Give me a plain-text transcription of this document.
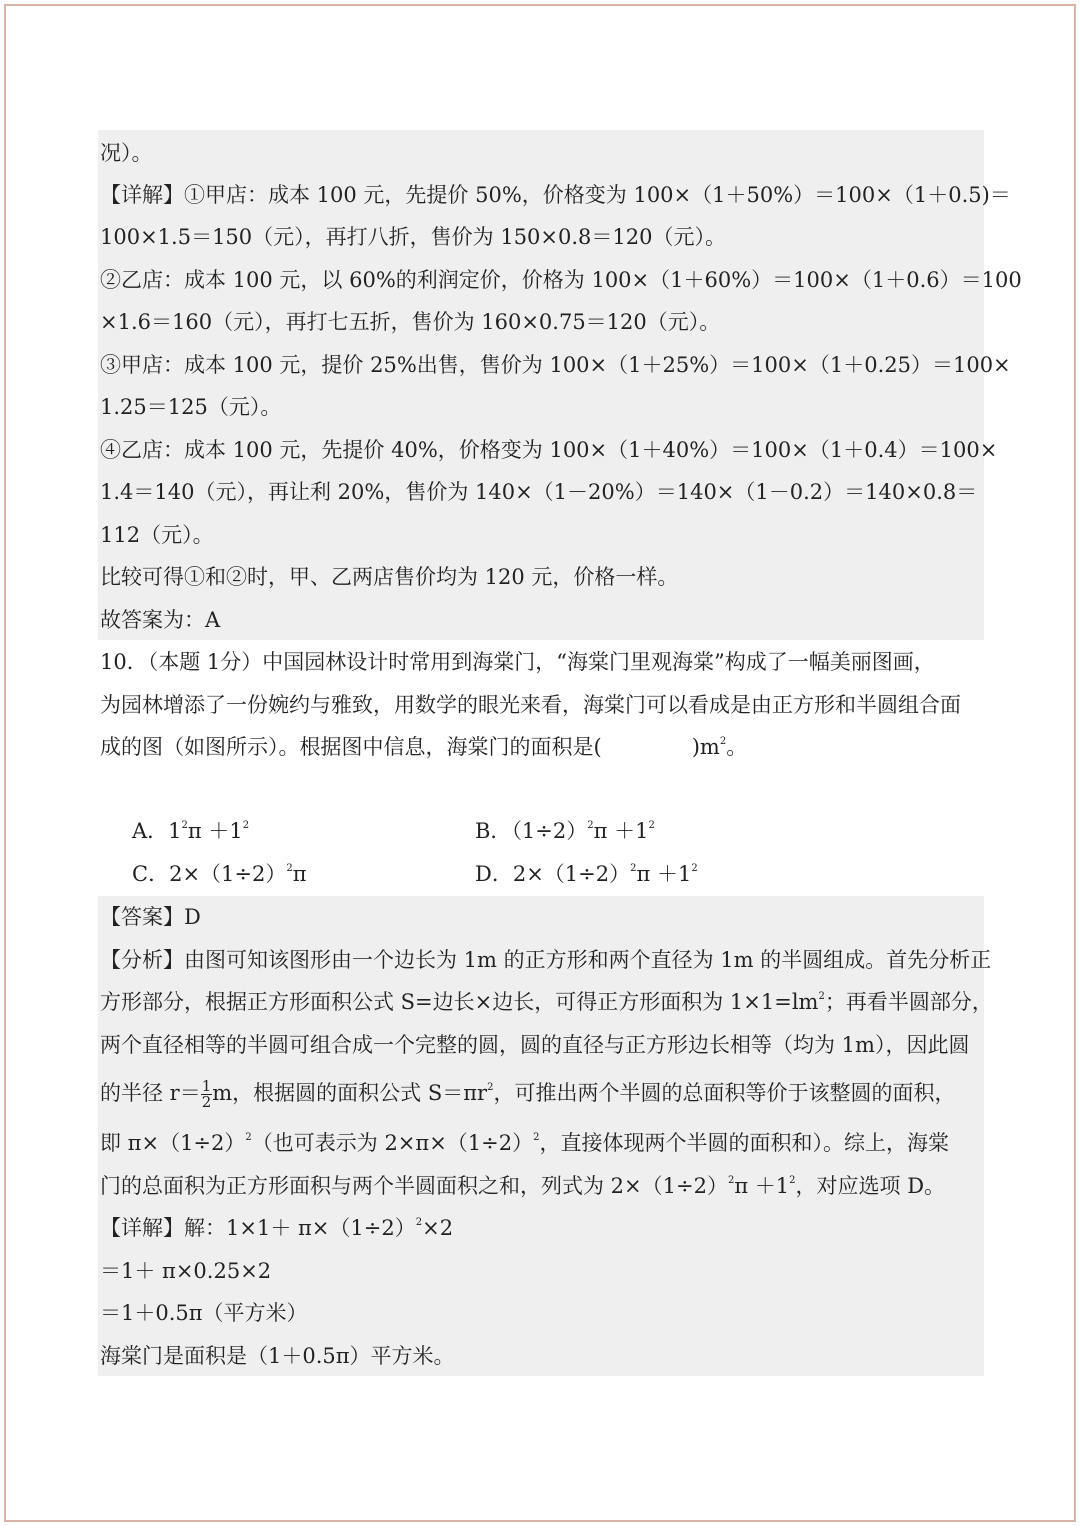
况）。
【详解】①甲店：成本 100 元，先提价 50%，价格变为 100×（1＋50%）＝100×（1＋0.5)＝
100×1.5＝150（元），再打八折，售价为 150×0.8＝120（元）。
②乙店：成本 100 元，以 60%的利润定价，价格为 100×（1＋60%）＝100×（1＋0.6）＝100
×1.6＝160（元），再打七五折，售价为 160×0.75＝120（元）。
③甲店：成本 100 元，提价 25%出售，售价为 100×（1＋25%）＝100×（1＋0.25）＝100×
1.25＝125（元）。
④乙店：成本 100 元，先提价 40%，价格变为 100×（1＋40%）＝100×（1＋0.4）＝100×
1.4＝140（元），再让利 20%，售价为 140×（1－20%）＝140×（1－0.2）＝140×0.8＝
112（元）。
比较可得①和②时，甲、乙两店售价均为 120 元，价格一样。
故答案为：A
10．（本题 1分）中国园林设计时常用到海棠门，“海棠门里观海棠”构成了一幅美丽图画，
为园林增添了一份婉约与雅致，用数学的眼光来看，海棠门可以看成是由正方形和半圆组合面
成的图（如图所示）。根据图中信息，海棠门的面积是(	)$m^2$。
A．$1^2\pi +1^2$	B．$(1\div 2)^2\pi +1^2$
C．$2\times(1\div 2)^2\pi$	D．$2\times(1\div 2)^2\pi +1^2$
【答案】D
【分析】由图可知该图形由一个边长为 1m 的正方形和两个直径为 1m 的半圆组成。首先分析正
方形部分，根据正方形面积公式 S=边长×边长，可得正方形面积为 $1\times 1=lm^2$；再看半圆部分，
两个直径相等的半圆可组合成一个完整的圆，圆的直径与正方形边长相等（均为 1m），因此圆
的半径 $r= \frac{1}{2}$ m，根据圆的面积公式 $S=\pi r^2$，可推出两个半圆的总面积等价于该整圆的面积，
即 $\pi\times(1\div 2)^2$（也可表示为 $2\times\pi\times(1\div 2)^2$，直接体现两个半圆的面积和）。综上，海棠
门的总面积为正方形面积与两个半圆面积之和，列式为 $2\times(1\div 2)^2\pi +1^2$，对应选项 D。
【详解】解：$1\times 1+ \pi\times(1\div 2)^2\times 2$
＝1＋ π×0.25×2
＝1＋0.5π（平方米）
海棠门是面积是（1＋0.5π）平方米。
